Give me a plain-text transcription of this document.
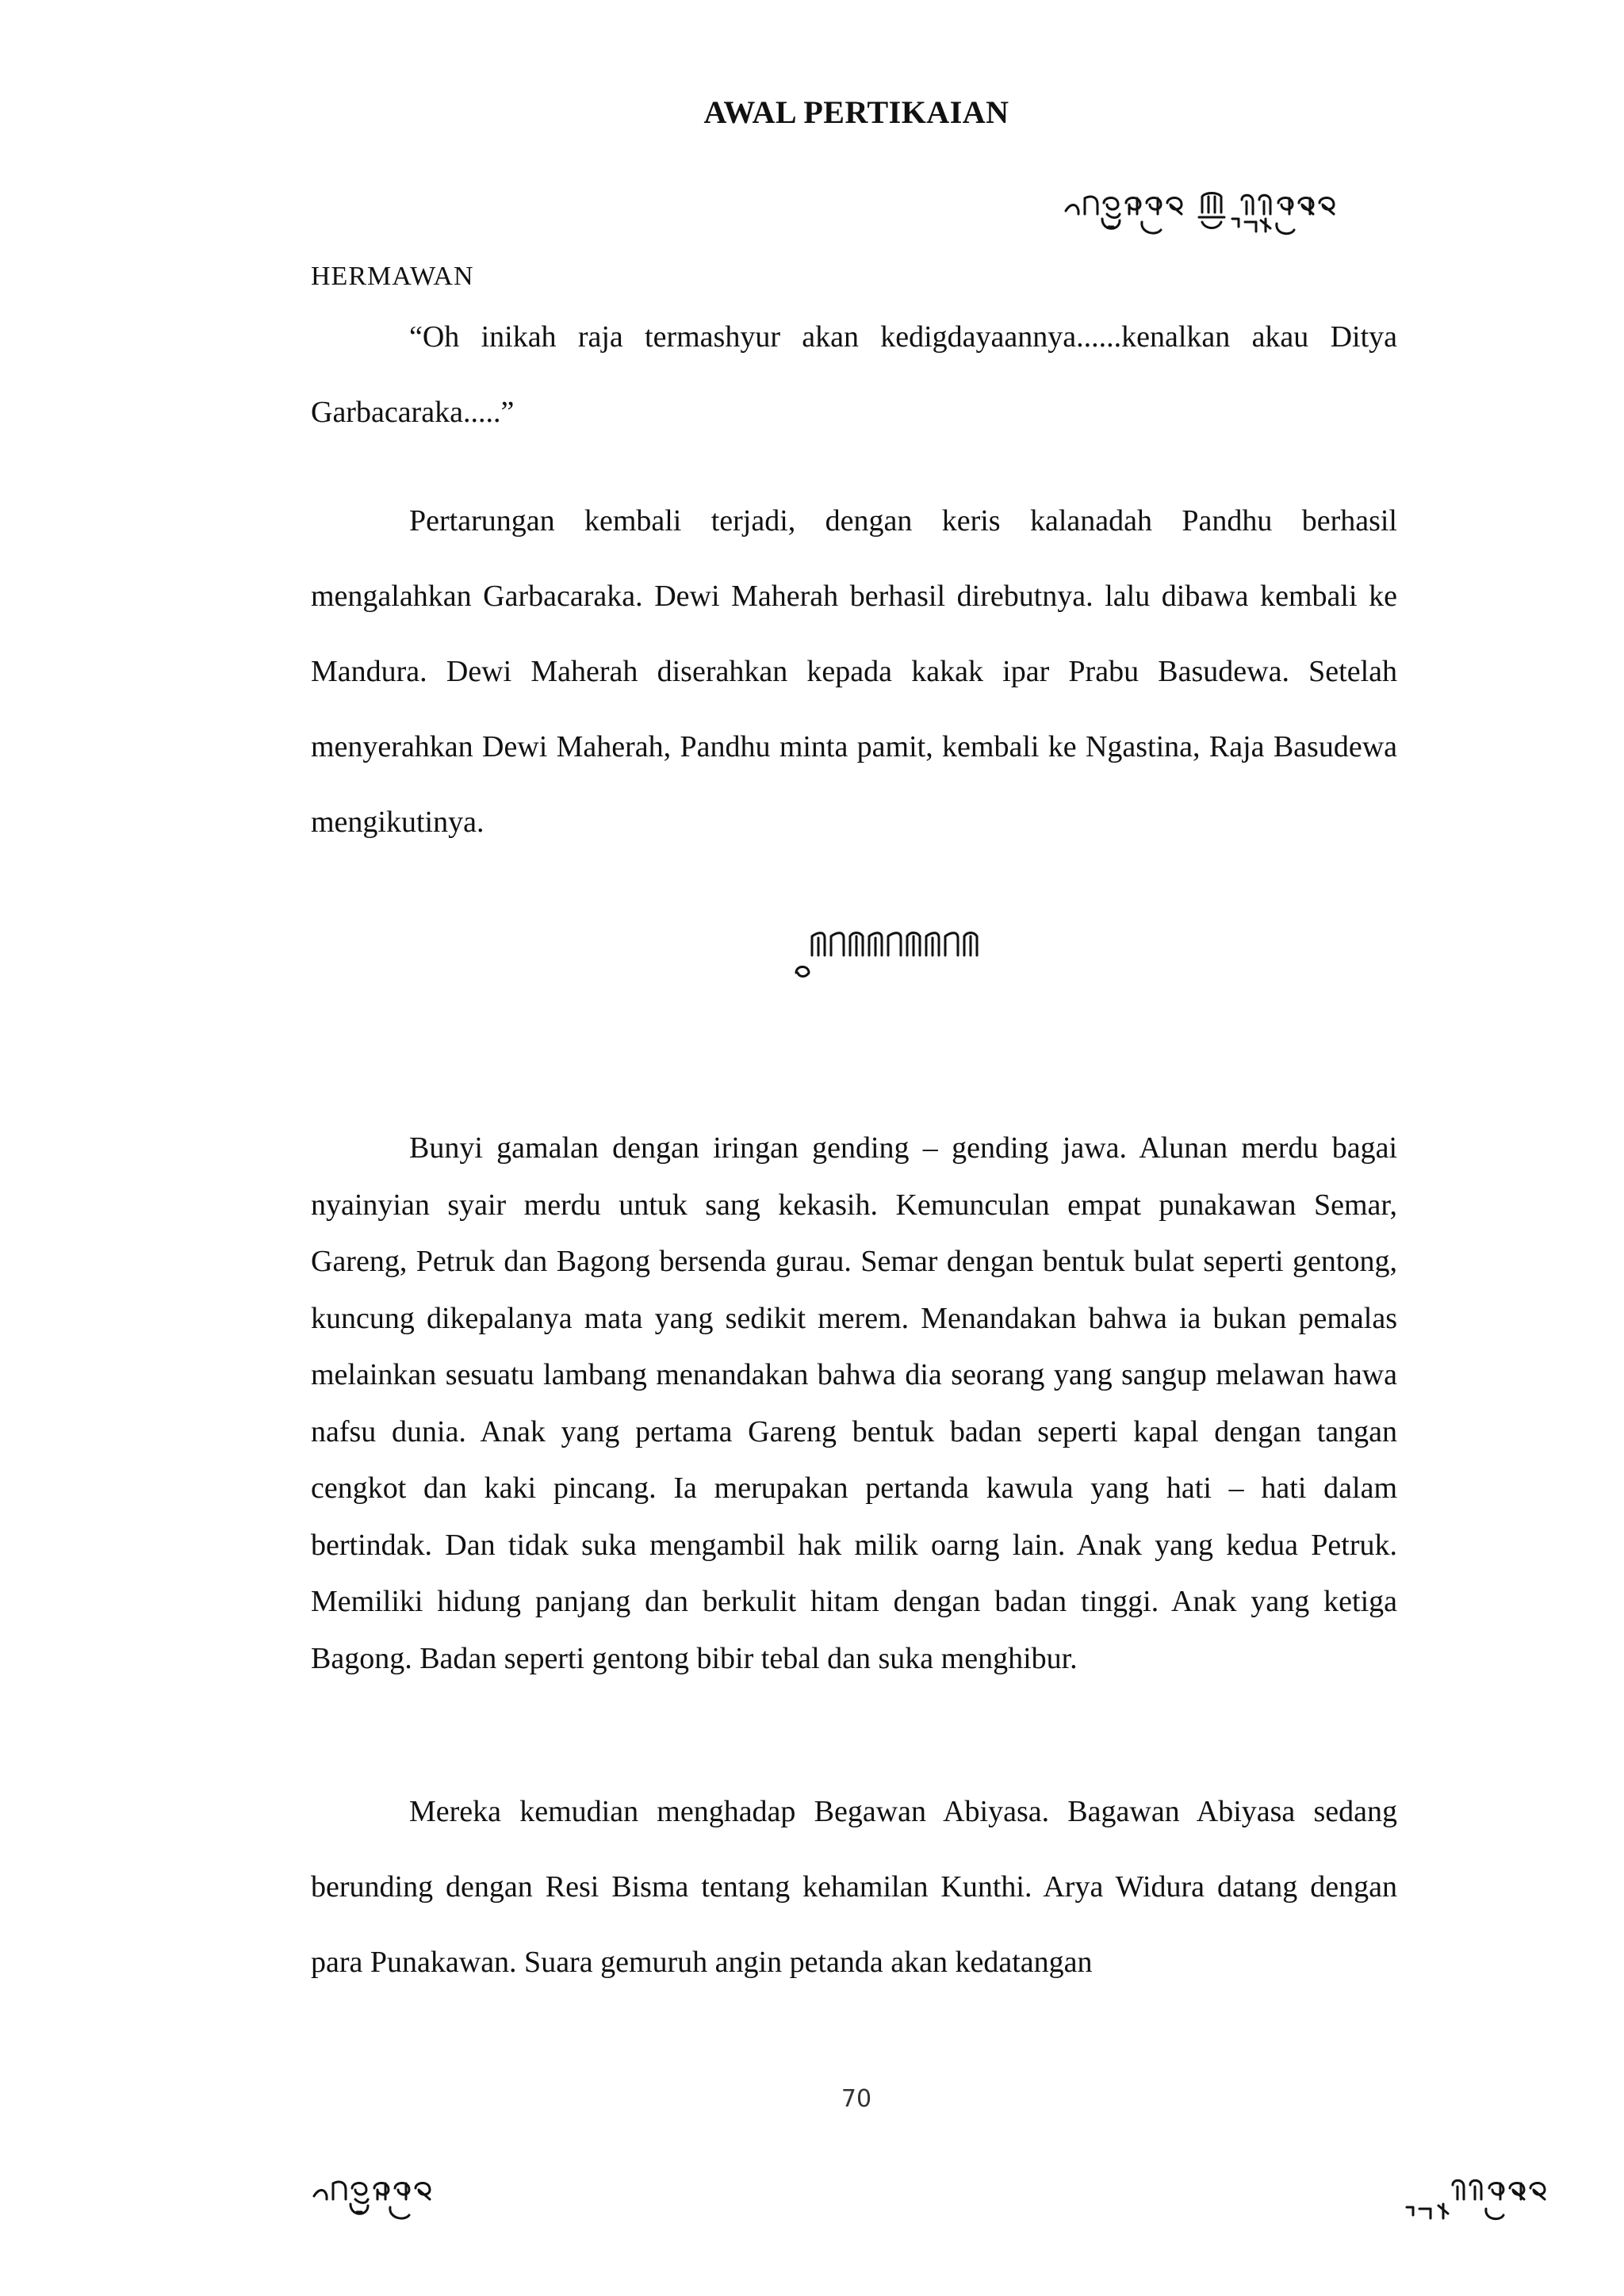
AWAL PERTIKAIAN
HERMAWAN

“Oh inikah raja termashyur akan kedigdayaannya......kenalkan akau Ditya Garbacaraka.....”

Pertarungan kembali terjadi, dengan keris kalanadah Pandhu berhasil mengalahkan Garbacaraka. Dewi Maherah berhasil direbutnya. lalu dibawa kembali ke Mandura. Dewi Maherah diserahkan kepada kakak ipar Prabu Basudewa. Setelah menyerahkan Dewi Maherah, Pandhu minta pamit, kembali ke Ngastina, Raja Basudewa mengikutinya.

Bunyi gamalan dengan iringan gending – gending jawa. Alunan merdu bagai nyainyian syair merdu untuk sang kekasih. Kemunculan empat punakawan Semar, Gareng, Petruk dan Bagong bersenda gurau. Semar dengan bentuk bulat seperti gentong, kuncung dikepalanya mata yang sedikit merem. Menandakan bahwa ia bukan pemalas melainkan sesuatu lambang menandakan bahwa dia seorang yang sangup melawan hawa nafsu dunia. Anak yang pertama Gareng bentuk badan seperti kapal dengan tangan cengkot dan kaki pincang. Ia merupakan pertanda kawula yang hati – hati dalam bertindak. Dan tidak suka mengambil hak milik oarng lain. Anak yang kedua Petruk. Memiliki hidung panjang dan berkulit hitam dengan badan tinggi. Anak yang ketiga Bagong. Badan seperti gentong bibir tebal dan suka menghibur.

Mereka kemudian menghadap Begawan Abiyasa. Bagawan Abiyasa sedang berunding dengan Resi Bisma tentang kehamilan Kunthi. Arya Widura datang dengan para Punakawan. Suara gemuruh angin petanda akan kedatangan

70
